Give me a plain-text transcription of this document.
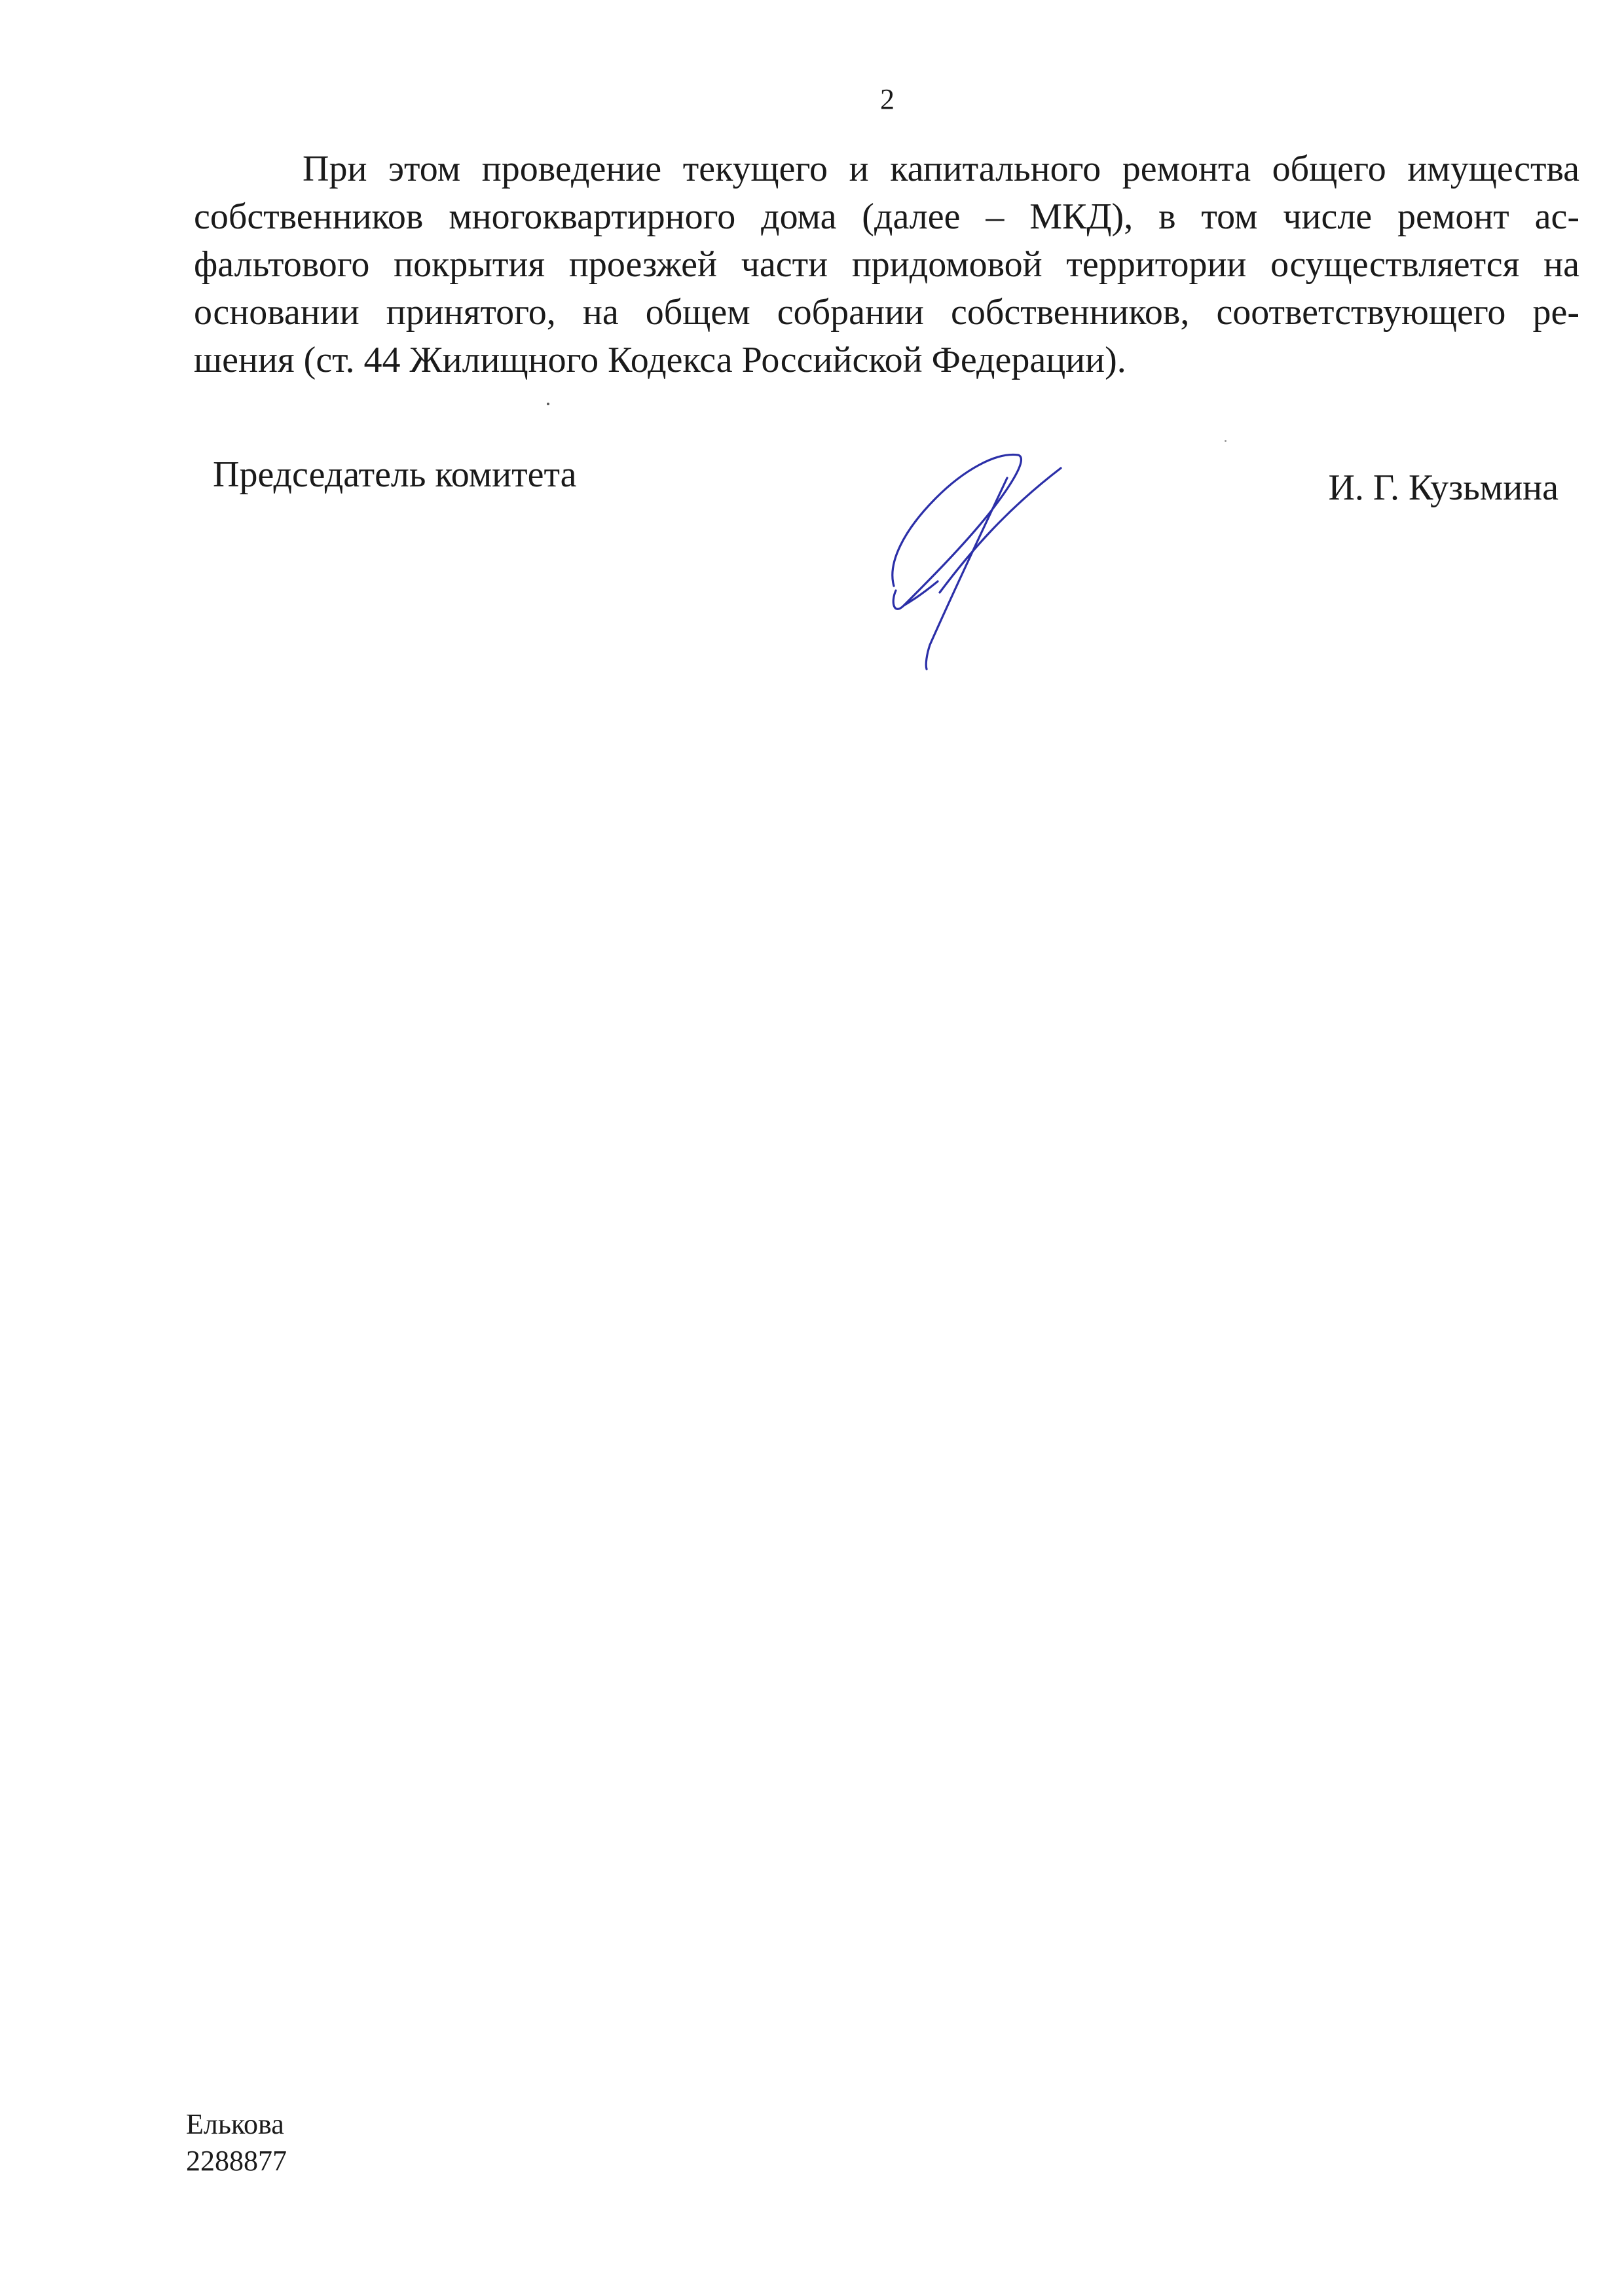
2
При этом проведение текущего и капитального ремонта общего имущества
собственников многоквартирного дома (далее – МКД), в том числе ремонт ас-
фальтового покрытия проезжей части придомовой территории осуществляется на
основании принятого, на общем собрании собственников, соответствующего ре-
шения (ст. 44 Жилищного Кодекса Российской Федерации).
Председатель комитета	И. Г. Кузьмина
Елькова
2288877
